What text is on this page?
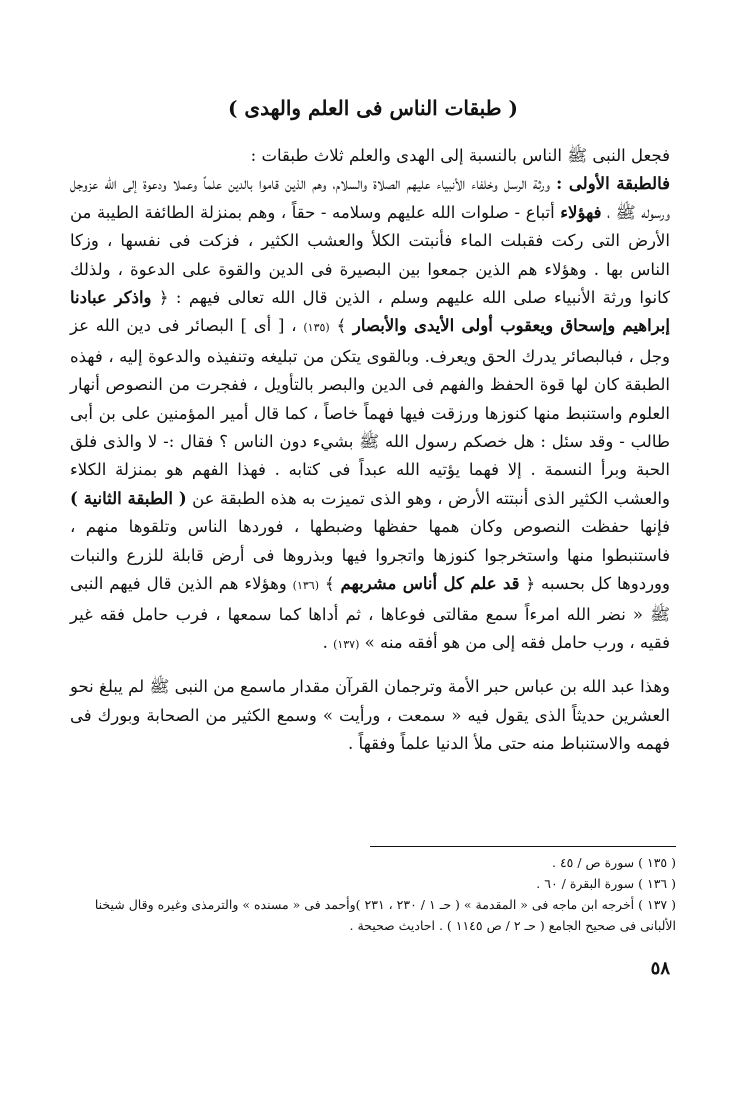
( طبقات الناس فى العلم والهدى )

فجعل النبى ﷺ الناس بالنسبة إلى الهدى والعلم ثلاث طبقات :

فالطبقة الأولى : ورثة الرسل وخلفاء الأنبياء عليهم الصلاة والسلام، وهم الذين قاموا بالدين علماً وعملا ودعوة إلى الله عزوجل ورسوله ﷺ ، فهؤلاء أتباع - صلوات الله عليهم وسلامه - حقاً ، وهم بمنزلة الطائفة الطيبة من الأرض التى ركت فقبلت الماء فأنبتت الكلأ والعشب الكثير ، فزكت فى نفسها ، وزكا الناس بها . وهؤلاء هم الذين جمعوا بين البصيرة فى الدين والقوة على الدعوة ، ولذلك كانوا ورثة الأنبياء صلى الله عليهم وسلم ، الذين قال الله تعالى فيهم : ﴿ واذكر عبادنا إبراهيم وإسحاق ويعقوب أولى الأيدى والأبصار ﴾ (١٣٥) ، [ أى ] البصائر فى دين الله عز وجل ، فبالبصائر يدرك الحق ويعرف. وبالقوى يتكن من تبليغه وتنفيذه والدعوة إليه ، فهذه الطبقة كان لها قوة الحفظ والفهم فى الدين والبصر بالتأويل ، ففجرت من النصوص أنهار العلوم واستنبط منها كنوزها ورزقت فيها فهماً خاصاً ، كما قال أمير المؤمنين على بن أبى طالب - وقد سئل : هل خصكم رسول الله ﷺ بشيء دون الناس ؟ فقال :- لا والذى فلق الحبة وبرأ النسمة . إلا فهما يؤتيه الله عبداً فى كتابه . فهذا الفهم هو بمنزلة الكلاء والعشب الكثير الذى أنبتته الأرض ، وهو الذى تميزت به هذه الطبقة عن ( الطبقة الثانية ) فإنها حفظت النصوص وكان همها حفظها وضبطها ، فوردها الناس وتلقوها منهم ، فاستنبطوا منها واستخرجوا كنوزها واتجروا فيها وبذروها فى أرض قابلة للزرع والنبات ووردوها كل بحسبه ﴿ قد علم كل أناس مشربهم ﴾ (١٣٦) وهؤلاء هم الذين قال فيهم النبى ﷺ « نضر الله امرءاً سمع مقالتى فوعاها ، ثم أداها كما سمعها ، فرب حامل فقه غير فقيه ، ورب حامل فقه إلى من هو أفقه منه » (١٣٧) .

وهذا عبد الله بن عباس حبر الأمة وترجمان القرآن مقدار ماسمع من النبى ﷺ لم يبلغ نحو العشرين حديثاً الذى يقول فيه « سمعت ، ورأيت » وسمع الكثير من الصحابة وبورك فى فهمه والاستنباط منه حتى ملأ الدنيا علماً وفقهاً .

( ١٣٥ ) سورة ص / ٤٥ .

( ١٣٦ ) سورة البقرة / ٦٠ .

( ١٣٧ ) أخرجه ابن ماجه فى « المقدمة » ( حـ ١ / ٢٣٠ ، ٢٣١ )وأحمد فى « مسنده » والترمذى وغيره وقال شيخنا الألبانى فى صحيح الجامع ( حـ ٢ / ص ١١٤٥ ) . احاديث صحيحة .

٥٨
